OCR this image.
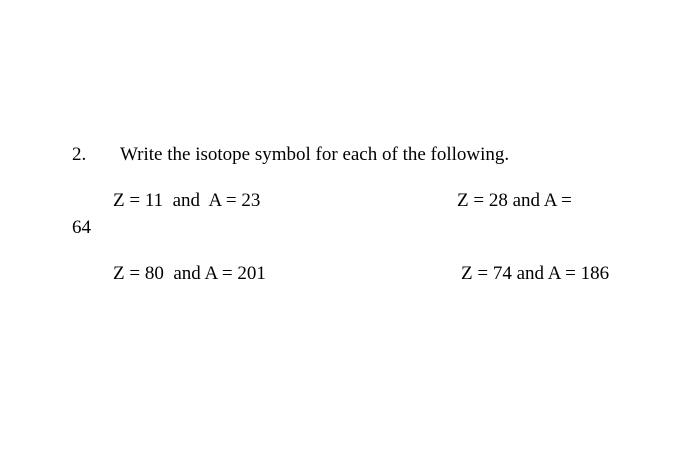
2. Write the isotope symbol for each of the following.
Z = 11  and  A = 23	Z = 28 and A =
64
Z = 80  and A = 201	Z = 74 and A = 186
